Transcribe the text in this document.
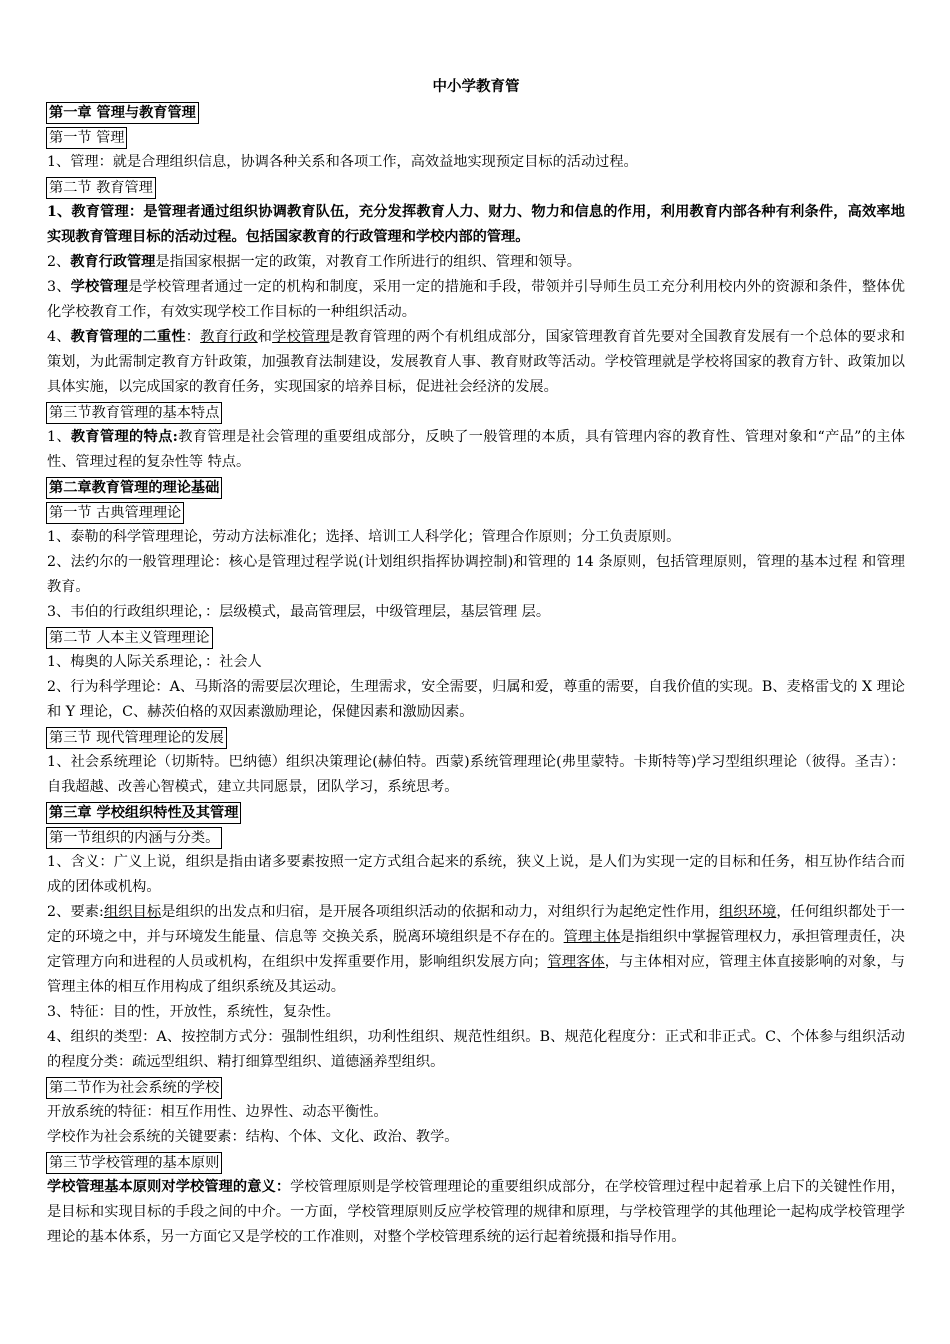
中小学教育管
第一章 管理与教育管理
第一节 管理

1、管理：就是合理组织信息，协调各种关系和各项工作，高效益地实现预定目标的活动过程。

第二节 教育管理

1、教育管理：是管理者通过组织协调教育队伍，充分发挥教育人力、财力、物力和信息的作用，利用教育内部各种有利条件，高效率地实现教育管理目标的活动过程。包括国家教育的行政管理和学校内部的管理。

2、教育行政管理是指国家根据一定的政策，对教育工作所进行的组织、管理和领导。

3、学校管理是学校管理者通过一定的机构和制度，采用一定的措施和手段，带领并引导师生员工充分利用校内外的资源和条件，整体优化学校教育工作，有效实现学校工作目标的一种组织活动。

4、教育管理的二重性：教育行政和学校管理是教育管理的两个有机组成部分，国家管理教育首先要对全国教育发展有一个总体的要求和策划，为此需制定教育方针政策，加强教育法制建设，发展教育人事、教育财政等活动。学校管理就是学校将国家的教育方针、政策加以具体实施，以完成国家的教育任务，实现国家的培养目标，促进社会经济的发展。

第三节教育管理的基本特点

1、教育管理的特点:教育管理是社会管理的重要组成部分，反映了一般管理的本质，具有管理内容的教育性、管理对象和“产品”的主体性、管理过程的复杂性等 特点。

第二章教育管理的理论基础
第一节 古典管理理论

1、泰勒的科学管理理论，劳动方法标准化；选择、培训工人科学化；管理合作原则；分工负责原则。

2、法约尔的一般管理理论：核心是管理过程学说(计划组织指挥协调控制)和管理的 14 条原则，包括管理原则，管理的基本过程 和管理教育。

3、韦伯的行政组织理论，：层级模式，最高管理层，中级管理层，基层管理 层。

第二节 人本主义管理理论

1、梅奥的人际关系理论，：社会人

2、行为科学理论：A、马斯洛的需要层次理论，生理需求，安全需要，归属和爱，尊重的需要，自我价值的实现。B、麦格雷戈的 X 理论和 Y 理论，C、赫茨伯格的双因素激励理论，保健因素和激励因素。

第三节 现代管理理论的发展

1、社会系统理论（切斯特。巴纳德）组织决策理论(赫伯特。西蒙)系统管理理论(弗里蒙特。卡斯特等)学习型组织理论（彼得。圣吉）：自我超越、改善心智模式，建立共同愿景，团队学习，系统思考。

第三章 学校组织特性及其管理
第一节组织的内涵与分类。

1、含义：广义上说，组织是指由诸多要素按照一定方式组合起来的系统，狭义上说，是人们为实现一定的目标和任务，相互协作结合而成的团体或机构。

2、要素:组织目标是组织的出发点和归宿，是开展各项组织活动的依据和动力，对组织行为起绝定性作用，组织环境，任何组织都处于一定的环境之中，并与环境发生能量、信息等 交换关系，脱离环境组织是不存在的。管理主体是指组织中掌握管理权力，承担管理责任，决定管理方向和进程的人员或机构，在组织中发挥重要作用，影响组织发展方向；管理客体，与主体相对应，管理主体直接影响的对象，与管理主体的相互作用构成了组织系统及其运动。

3、特征：目的性，开放性，系统性，复杂性。

4、组织的类型：A、按控制方式分：强制性组织，功利性组织、规范性组织。B、规范化程度分：正式和非正式。C、个体参与组织活动的程度分类：疏远型组织、精打细算型组织、道德涵养型组织。

第二节作为社会系统的学校

开放系统的特征：相互作用性、边界性、动态平衡性。

学校作为社会系统的关键要素：结构、个体、文化、政治、教学。

第三节学校管理的基本原则

学校管理基本原则对学校管理的意义：学校管理原则是学校管理理论的重要组织成部分，在学校管理过程中起着承上启下的关键性作用，是目标和实现目标的手段之间的中介。一方面，学校管理原则反应学校管理的规律和原理，与学校管理学的其他理论一起构成学校管理学理论的基本体系，另一方面它又是学校的工作准则，对整个学校管理系统的运行起着统摄和指导作用。
